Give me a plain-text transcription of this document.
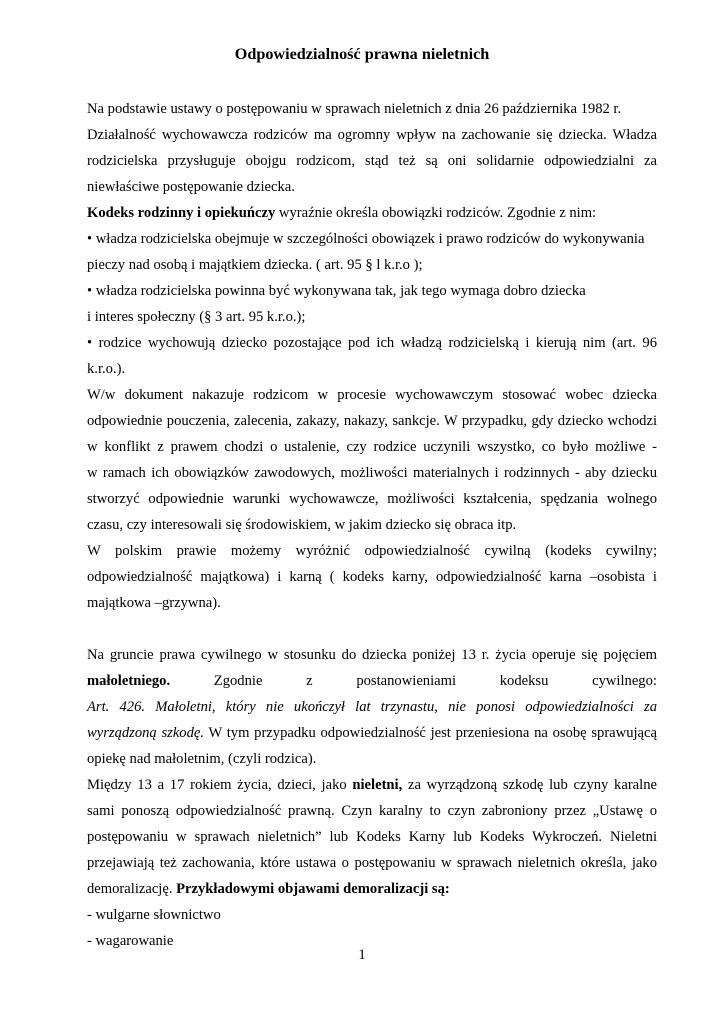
Odpowiedzialność prawna nieletnich
Na podstawie ustawy o postępowaniu w sprawach nieletnich z dnia 26 października 1982 r.
Działalność wychowawcza rodziców ma ogromny wpływ na zachowanie się dziecka. Władza
rodzicielska przysługuje obojgu rodzicom, stąd też są oni solidarnie odpowiedzialni za
niewłaściwe postępowanie dziecka.
Kodeks rodzinny i opiekuńczy wyraźnie określa obowiązki rodziców. Zgodnie z nim:
• władza rodzicielska obejmuje w szczególności obowiązek i prawo rodziców do wykonywania
pieczy nad osobą i majątkiem dziecka. ( art. 95 § l k.r.o );
• władza rodzicielska powinna być wykonywana tak, jak tego wymaga dobro dziecka
i interes społeczny (§ 3 art. 95 k.r.o.);
• rodzice wychowują dziecko pozostające pod ich władzą rodzicielską i kierują nim (art. 96
k.r.o.).
W/w dokument nakazuje rodzicom w procesie wychowawczym stosować wobec dziecka
odpowiednie pouczenia, zalecenia, zakazy, nakazy, sankcje. W przypadku, gdy dziecko wchodzi
w konflikt z prawem chodzi o ustalenie, czy rodzice uczynili wszystko, co było możliwe -
w ramach ich obowiązków zawodowych, możliwości materialnych i rodzinnych - aby dziecku
stworzyć odpowiednie warunki wychowawcze, możliwości kształcenia, spędzania wolnego
czasu, czy interesowali się środowiskiem, w jakim dziecko się obraca itp.
W polskim prawie możemy wyróżnić odpowiedzialność cywilną (kodeks cywilny;
odpowiedzialność majątkowa) i karną ( kodeks karny, odpowiedzialność karna –osobista i
majątkowa –grzywna).
Na gruncie prawa cywilnego w stosunku do dziecka poniżej 13 r. życia operuje się pojęciem
małoletniego.	Zgodnie	z	postanowieniami	kodeksu	cywilnego:
Art. 426. Małoletni, który nie ukończył lat trzynastu, nie ponosi odpowiedzialności za
wyrządzoną szkodę. W tym przypadku odpowiedzialność jest przeniesiona na osobę sprawującą
opiekę nad małoletnim, (czyli rodzica).
Między 13 a 17 rokiem życia, dzieci, jako nieletni, za wyrządzoną szkodę lub czyny karalne
sami ponoszą odpowiedzialność prawną. Czyn karalny to czyn zabroniony przez „Ustawę o
postępowaniu w sprawach nieletnich” lub Kodeks Karny lub Kodeks Wykroczeń. Nieletni
przejawiają też zachowania, które ustawa o postępowaniu w sprawach nieletnich określa, jako
demoralizację. Przykładowymi objawami demoralizacji są:
- wulgarne słownictwo
- wagarowanie
1
